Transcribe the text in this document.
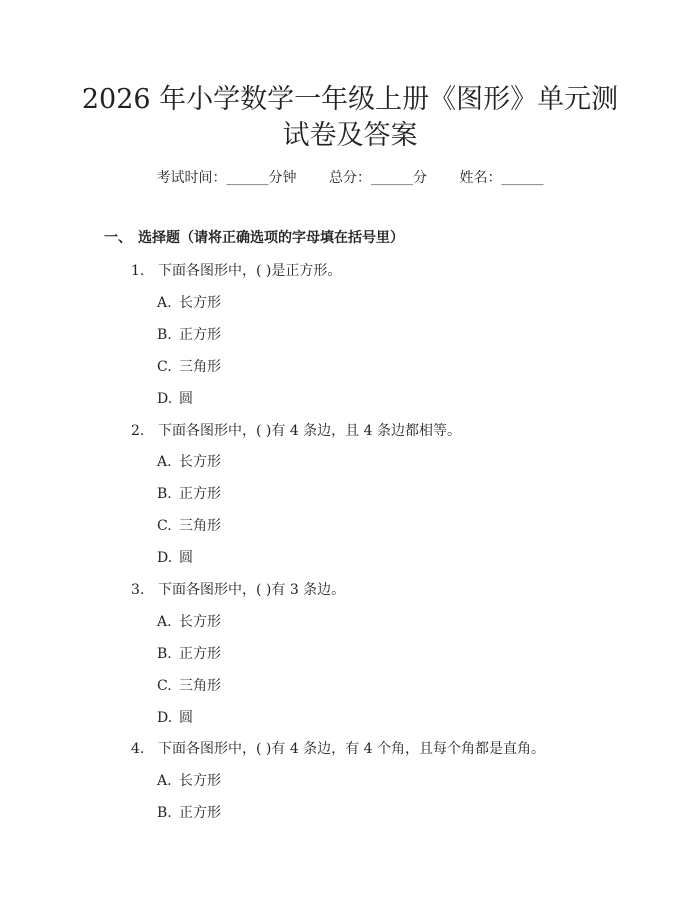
2026 年小学数学一年级上册《图形》单元测
试卷及答案
考试时间：______分钟 总分：______分 姓名：______
一、 选择题（请将正确选项的字母填在括号里）
1. 下面各图形中，( )是正方形。
A. 长方形
B. 正方形
C. 三角形
D. 圆
2. 下面各图形中，( )有 4 条边，且 4 条边都相等。
A. 长方形
B. 正方形
C. 三角形
D. 圆
3. 下面各图形中，( )有 3 条边。
A. 长方形
B. 正方形
C. 三角形
D. 圆
4. 下面各图形中，( )有 4 条边，有 4 个角，且每个角都是直角。
A. 长方形
B. 正方形
